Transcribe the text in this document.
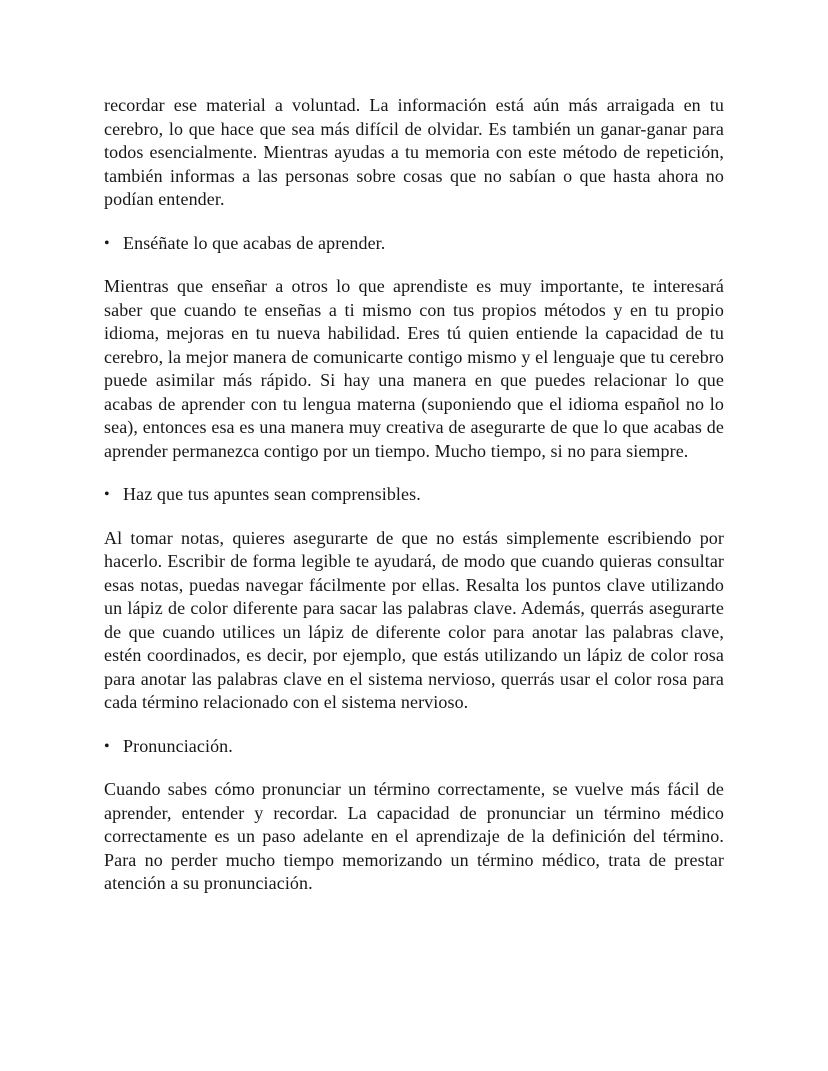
recordar ese material a voluntad. La información está aún más arraigada en tu cerebro, lo que hace que sea más difícil de olvidar. Es también un ganar-ganar para todos esencialmente. Mientras ayudas a tu memoria con este método de repetición, también informas a las personas sobre cosas que no sabían o que hasta ahora no podían entender.

• Enséñate lo que acabas de aprender.

Mientras que enseñar a otros lo que aprendiste es muy importante, te interesará saber que cuando te enseñas a ti mismo con tus propios métodos y en tu propio idioma, mejoras en tu nueva habilidad. Eres tú quien entiende la capacidad de tu cerebro, la mejor manera de comunicarte contigo mismo y el lenguaje que tu cerebro puede asimilar más rápido. Si hay una manera en que puedes relacionar lo que acabas de aprender con tu lengua materna (suponiendo que el idioma español no lo sea), entonces esa es una manera muy creativa de asegurarte de que lo que acabas de aprender permanezca contigo por un tiempo. Mucho tiempo, si no para siempre.

• Haz que tus apuntes sean comprensibles.

Al tomar notas, quieres asegurarte de que no estás simplemente escribiendo por hacerlo. Escribir de forma legible te ayudará, de modo que cuando quieras consultar esas notas, puedas navegar fácilmente por ellas. Resalta los puntos clave utilizando un lápiz de color diferente para sacar las palabras clave. Además, querrás asegurarte de que cuando utilices un lápiz de diferente color para anotar las palabras clave, estén coordinados, es decir, por ejemplo, que estás utilizando un lápiz de color rosa para anotar las palabras clave en el sistema nervioso, querrás usar el color rosa para cada término relacionado con el sistema nervioso.

• Pronunciación.

Cuando sabes cómo pronunciar un término correctamente, se vuelve más fácil de aprender, entender y recordar. La capacidad de pronunciar un término médico correctamente es un paso adelante en el aprendizaje de la definición del término. Para no perder mucho tiempo memorizando un término médico, trata de prestar atención a su pronunciación.
